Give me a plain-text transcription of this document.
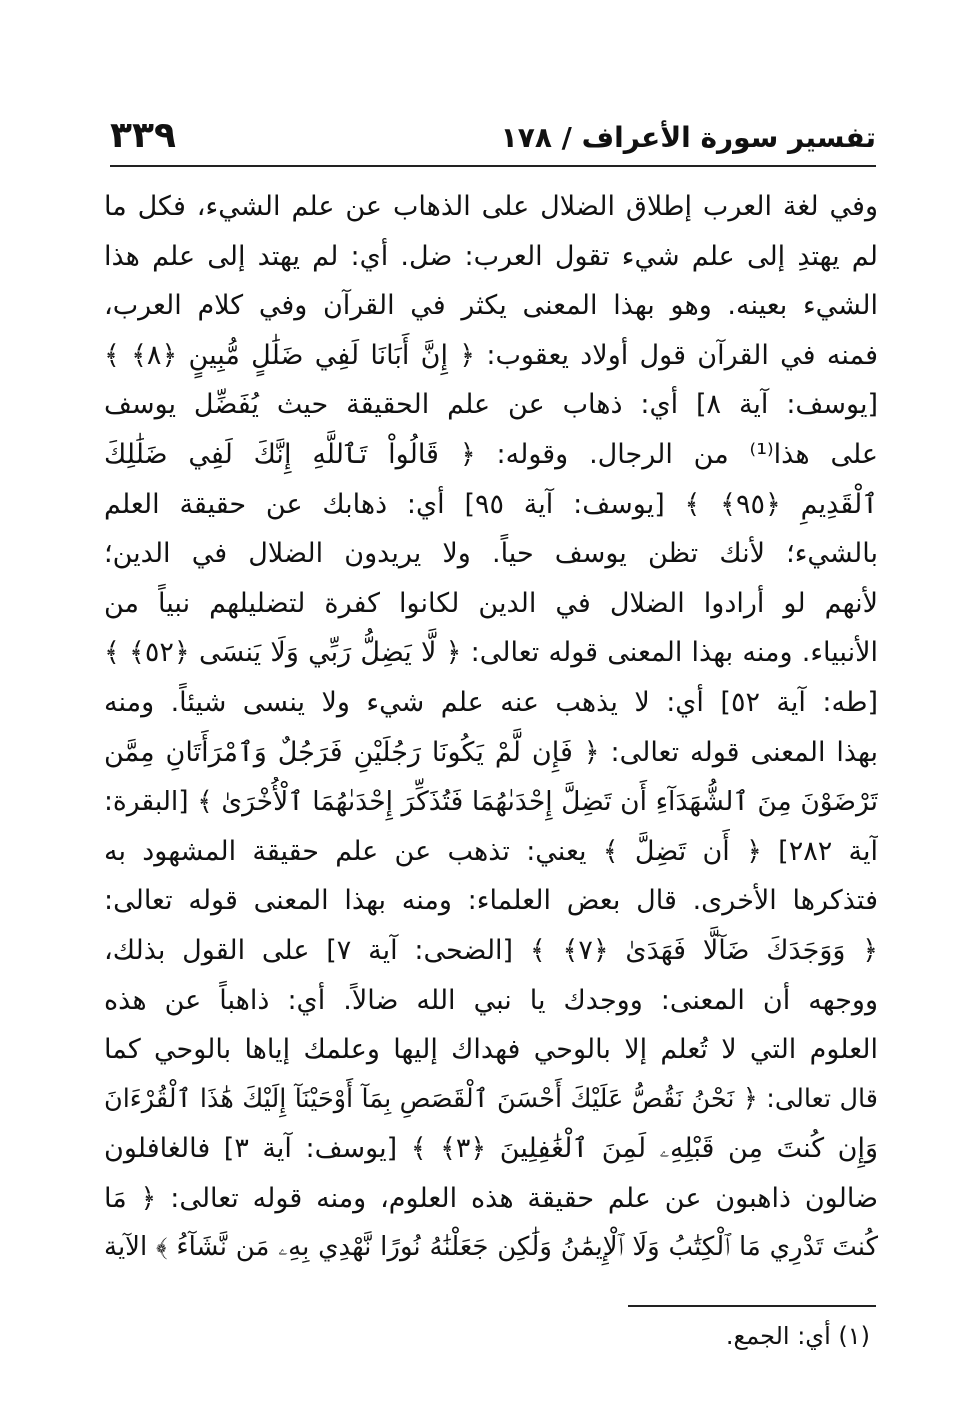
تفسير سورة الأعراف / ١٧٨
٣٣٩
وفي لغة العرب إطلاق الضلال على الذهاب عن علم الشيء، فكل ما
لم يهتدِ إلى علم شيء تقول العرب: ضل. أي: لم يهتد إلى علم هذا
الشيء بعينه. وهو بهذا المعنى يكثر في القرآن وفي كلام العرب،
فمنه في القرآن قول أولاد يعقوب: ﴿ إِنَّ أَبَانَا لَفِي ضَلَٰلٍ مُّبِينٍ ﴿٨﴾ ﴾
[يوسف: آية ٨] أي: ذهاب عن علم الحقيقة حيث يُفَضِّل يوسف
على هذا⁽¹⁾ من الرجال. وقوله: ﴿ قَالُواْ تَٱللَّهِ إِنَّكَ لَفِي ضَلَٰلِكَ
ٱلْقَدِيمِ ﴿٩٥﴾ ﴾ [يوسف: آية ٩٥] أي: ذهابك عن حقيقة العلم
بالشيء؛ لأنك تظن يوسف حياً. ولا يريدون الضلال في الدين؛
لأنهم لو أرادوا الضلال في الدين لكانوا كفرة لتضليلهم نبياً من
الأنبياء. ومنه بهذا المعنى قوله تعالى: ﴿ لَّا يَضِلُّ رَبِّي وَلَا يَنسَى ﴿٥٢﴾ ﴾
[طه: آية ٥٢] أي: لا يذهب عنه علم شيء ولا ينسى شيئاً. ومنه
بهذا المعنى قوله تعالى: ﴿ فَإِن لَّمْ يَكُونَا رَجُلَيْنِ فَرَجُلٌ وَٱمْرَأَتَانِ مِمَّن
تَرْضَوْنَ مِنَ ٱلشُّهَدَآءِ أَن تَضِلَّ إِحْدَىٰهُمَا فَتُذَكِّرَ إِحْدَىٰهُمَا ٱلْأُخْرَىٰ ﴾ [البقرة:
آية ٢٨٢] ﴿ أَن تَضِلَّ ﴾ يعني: تذهب عن علم حقيقة المشهود به
فتذكرها الأخرى. قال بعض العلماء: ومنه بهذا المعنى قوله تعالى:
﴿ وَوَجَدَكَ ضَآلًّا فَهَدَىٰ ﴿٧﴾ ﴾ [الضحى: آية ٧] على القول بذلك،
ووجهه أن المعنى: ووجدك يا نبي الله ضالاً. أي: ذاهباً عن هذه
العلوم التي لا تُعلم إلا بالوحي فهداك إليها وعلمك إياها بالوحي كما
قال تعالى: ﴿ نَحْنُ نَقُصُّ عَلَيْكَ أَحْسَنَ ٱلْقَصَصِ بِمَآ أَوْحَيْنَآ إِلَيْكَ هَٰذَا ٱلْقُرْءَانَ
وَإِن كُنتَ مِن قَبْلِهِۦ لَمِنَ ٱلْغَٰفِلِينَ ﴿٣﴾ ﴾ [يوسف: آية ٣] فالغافلون
ضالون ذاهبون عن علم حقيقة هذه العلوم، ومنه قوله تعالى: ﴿ مَا
كُنتَ تَدْرِي مَا ٱلْكِتَٰبُ وَلَا ٱلْإِيمَٰنُ وَلَٰكِن جَعَلْنَٰهُ نُورًا نَّهْدِي بِهِۦ مَن نَّشَآءُ ﴾ الآية
(١) أي: الجمع.
